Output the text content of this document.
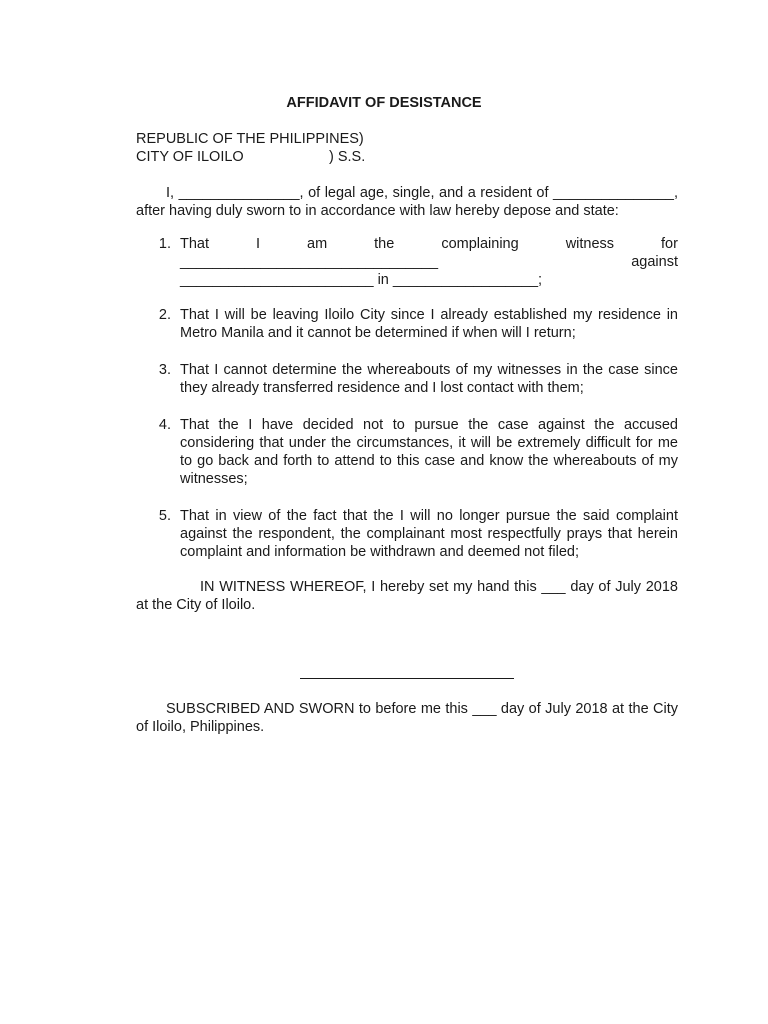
AFFIDAVIT OF DESISTANCE
REPUBLIC OF THE PHILIPPINES)
CITY OF ILOILO	) S.S.
I, _______________, of legal age, single, and a resident of _______________, after having duly sworn to in accordance with law hereby depose and state:
1. That	I	am	the	complaining	witness	for
________________________________	against
________________________ in __________________;
2. That I will be leaving Iloilo City since I already established my residence in Metro Manila and it cannot be determined if when will I return;
3. That I cannot determine the whereabouts of my witnesses in the case since they already transferred residence and I lost contact with them;
4. That the I have decided not to pursue the case against the accused considering that under the circumstances, it will be extremely difficult for me to go back and forth to attend to this case and know the whereabouts of my witnesses;
5. That in view of the fact that the I will no longer pursue the said complaint against the respondent, the complainant most respectfully prays that herein complaint and information be withdrawn and deemed not filed;
IN WITNESS WHEREOF, I hereby set my hand this ___ day of July 2018 at the City of Iloilo.
SUBSCRIBED AND SWORN to before me this ___ day of July 2018 at the City of Iloilo, Philippines.
